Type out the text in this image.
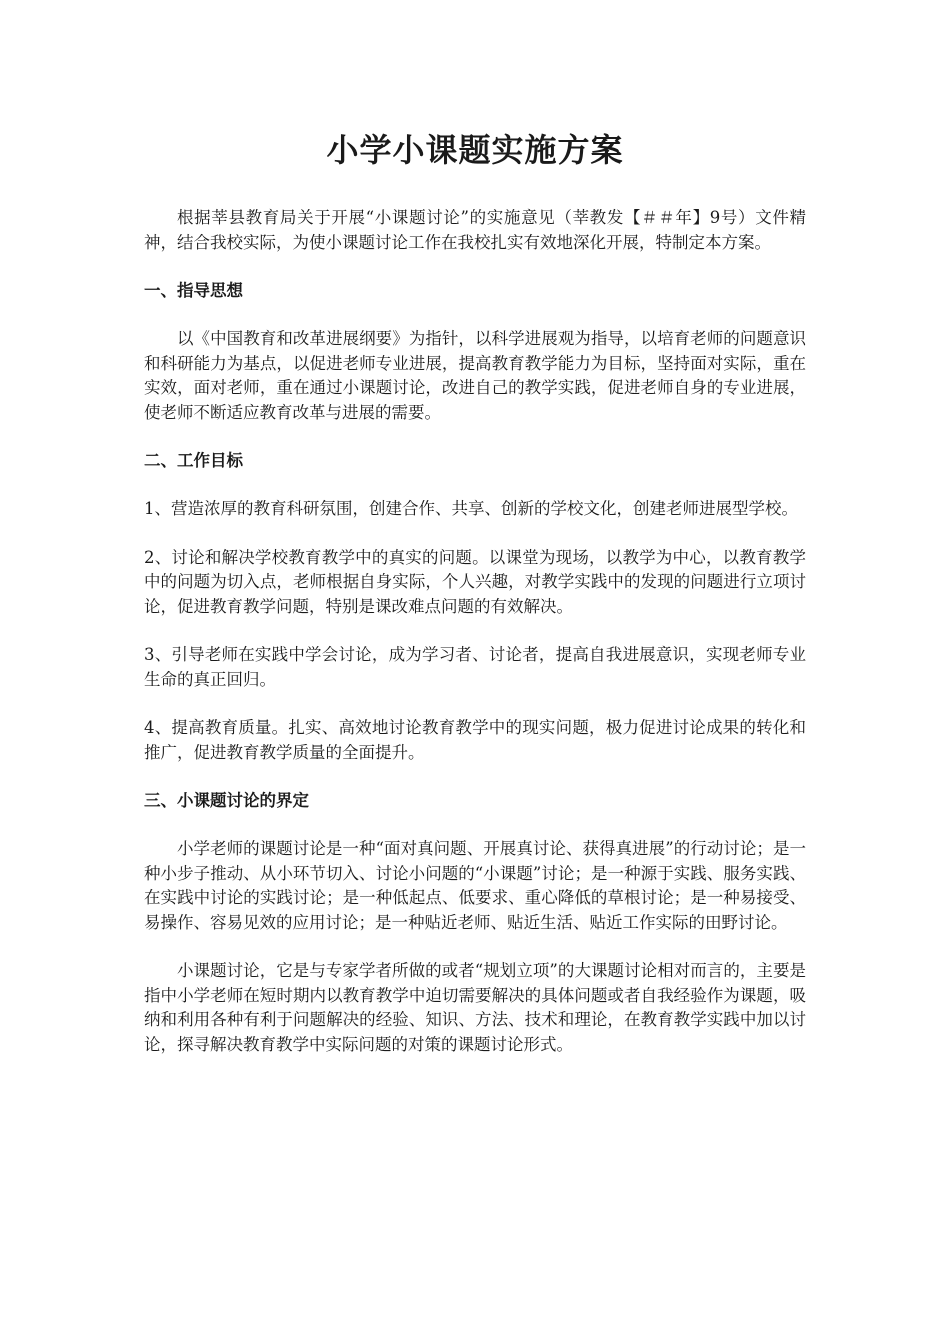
小学小课题实施方案

根据莘县教育局关于开展“小课题讨论”的实施意见（莘教发【＃＃年】9号）文件精神，结合我校实际，为使小课题讨论工作在我校扎实有效地深化开展，特制定本方案。

一、指导思想

以《中国教育和改革进展纲要》为指针，以科学进展观为指导，以培育老师的问题意识和科研能力为基点，以促进老师专业进展，提高教育教学能力为目标，坚持面对实际，重在实效，面对老师，重在通过小课题讨论，改进自己的教学实践，促进老师自身的专业进展，使老师不断适应教育改革与进展的需要。

二、工作目标

1、营造浓厚的教育科研氛围，创建合作、共享、创新的学校文化，创建老师进展型学校。

2、讨论和解决学校教育教学中的真实的问题。以课堂为现场，以教学为中心，以教育教学中的问题为切入点，老师根据自身实际，个人兴趣，对教学实践中的发现的问题进行立项讨论，促进教育教学问题，特别是课改难点问题的有效解决。

3、引导老师在实践中学会讨论，成为学习者、讨论者，提高自我进展意识，实现老师专业生命的真正回归。

4、提高教育质量。扎实、高效地讨论教育教学中的现实问题，极力促进讨论成果的转化和推广，促进教育教学质量的全面提升。

三、小课题讨论的界定

小学老师的课题讨论是一种“面对真问题、开展真讨论、获得真进展”的行动讨论；是一种小步子推动、从小环节切入、讨论小问题的“小课题”讨论；是一种源于实践、服务实践、在实践中讨论的实践讨论；是一种低起点、低要求、重心降低的草根讨论；是一种易接受、易操作、容易见效的应用讨论；是一种贴近老师、贴近生活、贴近工作实际的田野讨论。

小课题讨论，它是与专家学者所做的或者“规划立项”的大课题讨论相对而言的，主要是指中小学老师在短时期内以教育教学中迫切需要解决的具体问题或者自我经验作为课题，吸纳和利用各种有利于问题解决的经验、知识、方法、技术和理论，在教育教学实践中加以讨论，探寻解决教育教学中实际问题的对策的课题讨论形式。
